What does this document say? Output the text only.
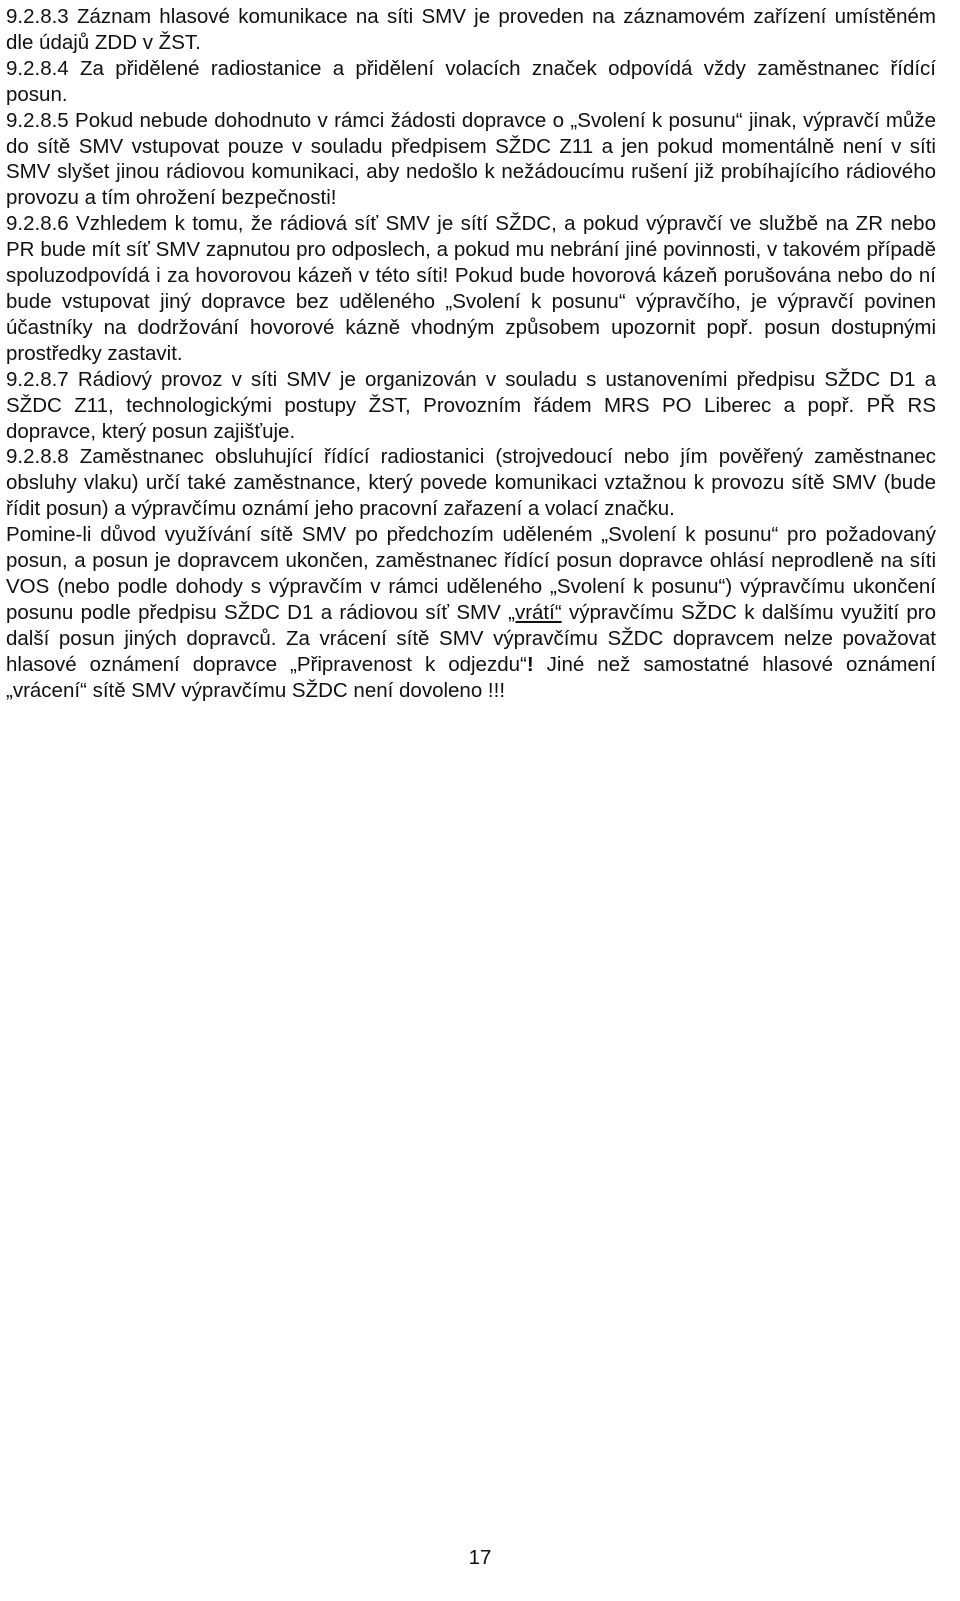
9.2.8.3 Záznam hlasové komunikace na síti SMV je proveden na záznamovém zařízení umístěném dle údajů ZDD v ŽST.

9.2.8.4 Za přidělené radiostanice a přidělení volacích značek odpovídá vždy zaměstnanec řídící posun.

9.2.8.5 Pokud nebude dohodnuto v rámci žádosti dopravce o „Svolení k posunu“ jinak, výpravčí může do sítě SMV vstupovat pouze v souladu předpisem SŽDC Z11 a jen pokud momentálně není v síti SMV slyšet jinou rádiovou komunikaci, aby nedošlo k nežádoucímu rušení již probíhajícího rádiového provozu a tím ohrožení bezpečnosti!

9.2.8.6 Vzhledem k tomu, že rádiová síť SMV je sítí SŽDC, a pokud výpravčí ve službě na ZR nebo PR bude mít síť SMV zapnutou pro odposlech, a pokud mu nebrání jiné povinnosti, v takovém případě spoluzodpovídá i za hovorovou kázeň v této síti! Pokud bude hovorová kázeň porušována nebo do ní bude vstupovat jiný dopravce bez uděleného „Svolení k posunu“ výpravčího, je výpravčí povinen účastníky na dodržování hovorové kázně vhodným způsobem upozornit popř. posun dostupnými prostředky zastavit.

9.2.8.7 Rádiový provoz v síti SMV je organizován v souladu s ustanoveními předpisu SŽDC D1 a SŽDC Z11, technologickými postupy ŽST, Provozním řádem MRS PO Liberec a popř. PŘ RS dopravce, který posun zajišťuje.

9.2.8.8 Zaměstnanec obsluhující řídící radiostanici (strojvedoucí nebo jím pověřený zaměstnanec obsluhy vlaku) určí také zaměstnance, který povede komunikaci vztažnou k provozu sítě SMV (bude řídit posun) a výpravčímu oznámí jeho pracovní zařazení a volací značku.

Pomine-li důvod využívání sítě SMV po předchozím uděleném „Svolení k posunu“ pro požadovaný posun, a posun je dopravcem ukončen, zaměstnanec řídící posun dopravce ohlásí neprodleně na síti VOS (nebo podle dohody s výpravčím v rámci uděleného „Svolení k posunu“) výpravčímu ukončení posunu podle předpisu SŽDC D1 a rádiovou síť SMV „vrátí“ výpravčímu SŽDC k dalšímu využití pro další posun jiných dopravců. Za vrácení sítě SMV výpravčímu SŽDC dopravcem nelze považovat hlasové oznámení dopravce „Připravenost k odjezdu“! Jiné než samostatné hlasové oznámení „vrácení“ sítě SMV výpravčímu SŽDC není dovoleno !!!

17
